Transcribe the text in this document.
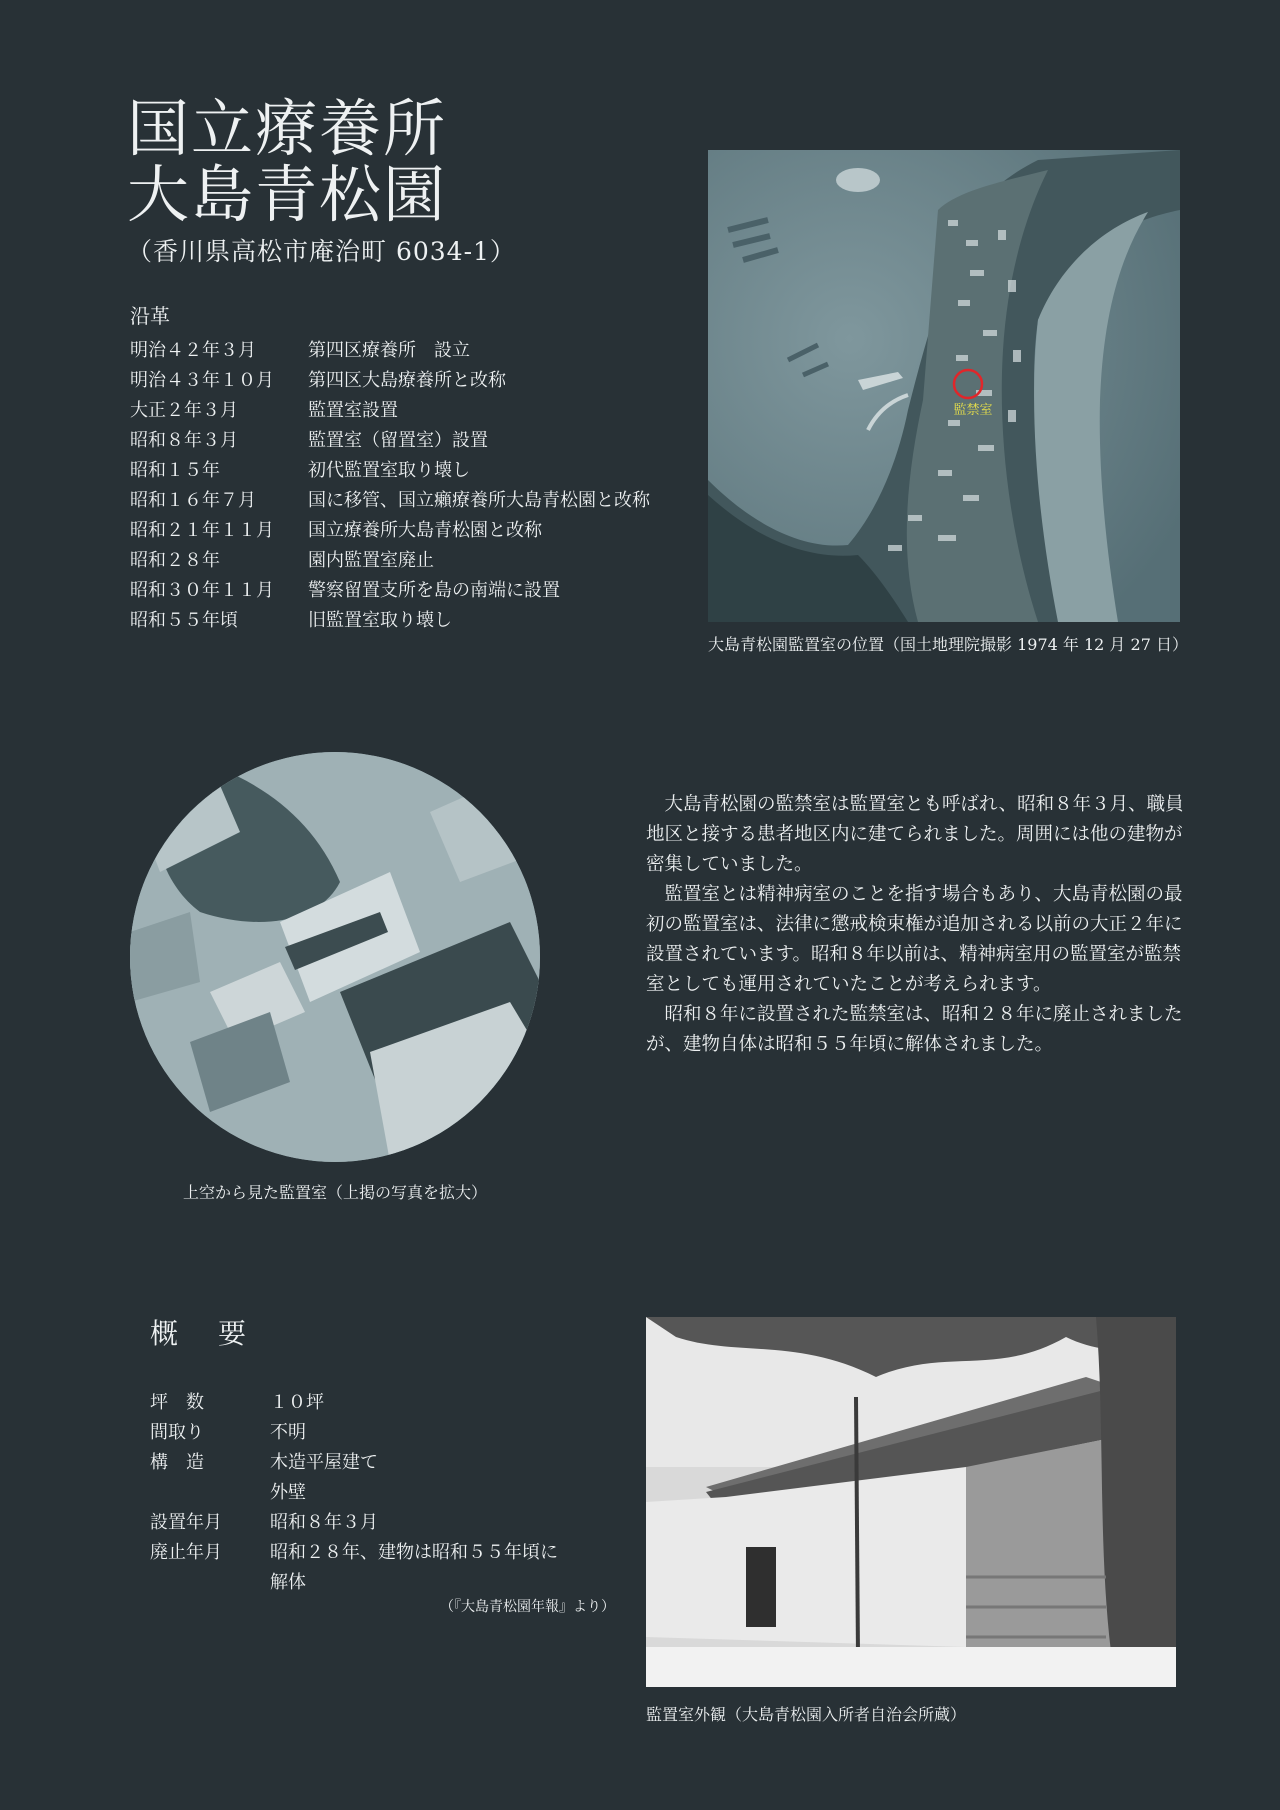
国立療養所
大島青松園
（香川県高松市庵治町 6034-1）
沿革
明治４２年３月	第四区療養所　設立
明治４３年１０月	第四区大島療養所と改称
大正２年３月	監置室設置
昭和８年３月	監置室（留置室）設置
昭和１５年	初代監置室取り壊し
昭和１６年７月	国に移管、国立癩療養所大島青松園と改称
昭和２１年１１月	国立療養所大島青松園と改称
昭和２８年	園内監置室廃止
昭和３０年１１月	警察留置支所を島の南端に設置
昭和５５年頃	旧監置室取り壊し
監禁室
大島青松園監置室の位置（国土地理院撮影 1974 年 12 月 27 日）
上空から見た監置室（上掲の写真を拡大）

大島青松園の監禁室は監置室とも呼ばれ、昭和８年３月、職員地区と接する患者地区内に建てられました。周囲には他の建物が密集していました。

監置室とは精神病室のことを指す場合もあり、大島青松園の最初の監置室は、法律に懲戒検束権が追加される以前の大正２年に設置されています。昭和８年以前は、精神病室用の監置室が監禁室としても運用されていたことが考えられます。

昭和８年に設置された監禁室は、昭和２８年に廃止されましたが、建物自体は昭和５５年頃に解体されました。

概　要
坪　数	１０坪
間取り	不明
構　造	木造平屋建て
外壁
設置年月	昭和８年３月
廃止年月	昭和２８年、建物は昭和５５年頃に
解体
（『大島青松園年報』より）
監置室外観（大島青松園入所者自治会所蔵）
